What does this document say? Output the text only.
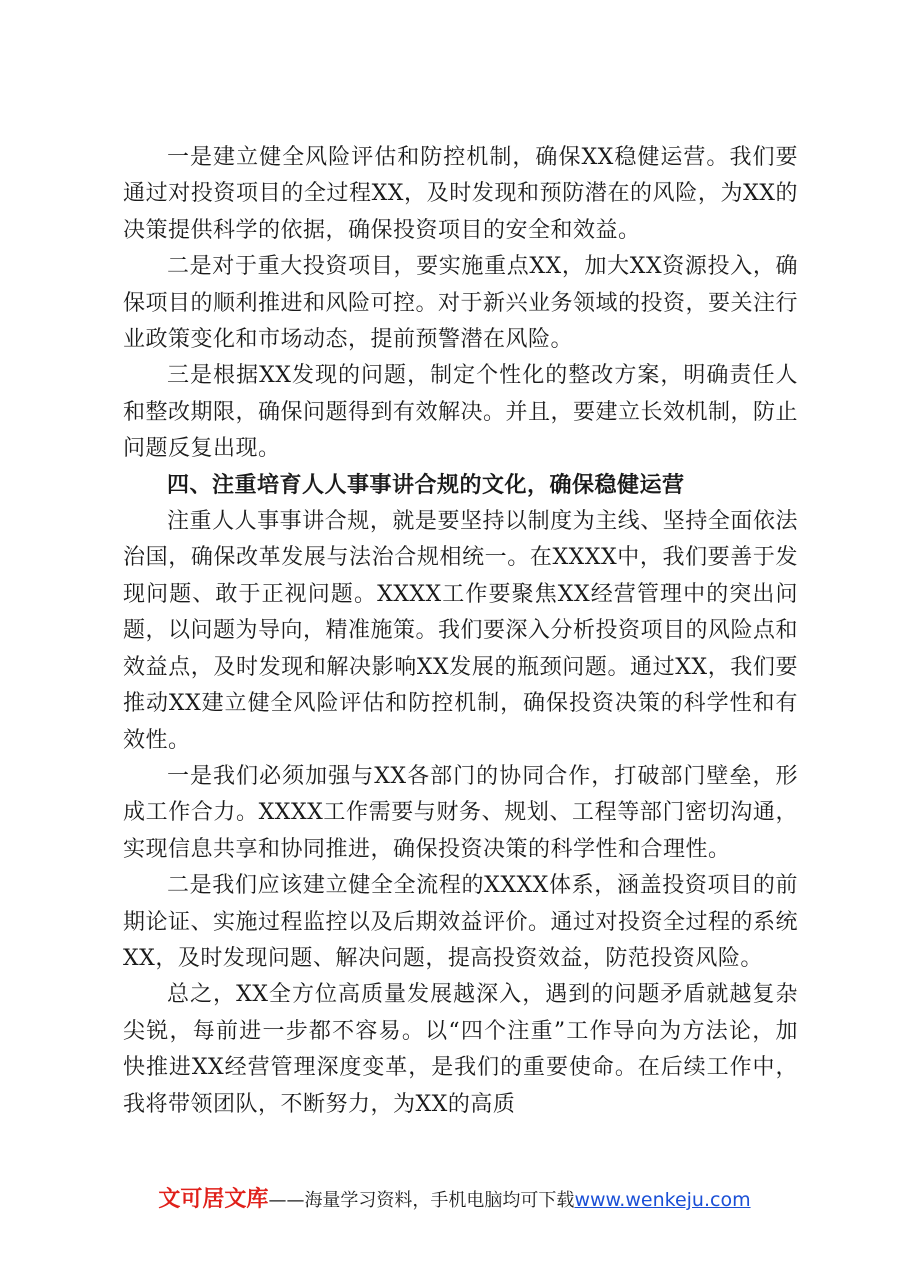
一是建立健全风险评估和防控机制，确保XX稳健运营。我们要通过对投资项目的全过程XX，及时发现和预防潜在的风险，为XX的决策提供科学的依据，确保投资项目的安全和效益。

二是对于重大投资项目，要实施重点XX，加大XX资源投入，确保项目的顺利推进和风险可控。对于新兴业务领域的投资，要关注行业政策变化和市场动态，提前预警潜在风险。

三是根据XX发现的问题，制定个性化的整改方案，明确责任人和整改期限，确保问题得到有效解决。并且，要建立长效机制，防止问题反复出现。

四、注重培育人人事事讲合规的文化，确保稳健运营

注重人人事事讲合规，就是要坚持以制度为主线、坚持全面依法治国，确保改革发展与法治合规相统一。在XXXX中，我们要善于发现问题、敢于正视问题。XXXX工作要聚焦XX经营管理中的突出问题，以问题为导向，精准施策。我们要深入分析投资项目的风险点和效益点，及时发现和解决影响XX发展的瓶颈问题。通过XX，我们要推动XX建立健全风险评估和防控机制，确保投资决策的科学性和有效性。

一是我们必须加强与XX各部门的协同合作，打破部门壁垒，形成工作合力。XXXX工作需要与财务、规划、工程等部门密切沟通，实现信息共享和协同推进，确保投资决策的科学性和合理性。

二是我们应该建立健全全流程的XXXX体系，涵盖投资项目的前期论证、实施过程监控以及后期效益评价。通过对投资全过程的系统XX，及时发现问题、解决问题，提高投资效益，防范投资风险。

总之，XX全方位高质量发展越深入，遇到的问题矛盾就越复杂尖锐，每前进一步都不容易。以“四个注重”工作导向为方法论，加快推进XX经营管理深度变革，是我们的重要使命。在后续工作中，我将带领团队，不断努力，为XX的高质

文可居文库——海量学习资料，手机电脑均可下载www.wenkeju.com
